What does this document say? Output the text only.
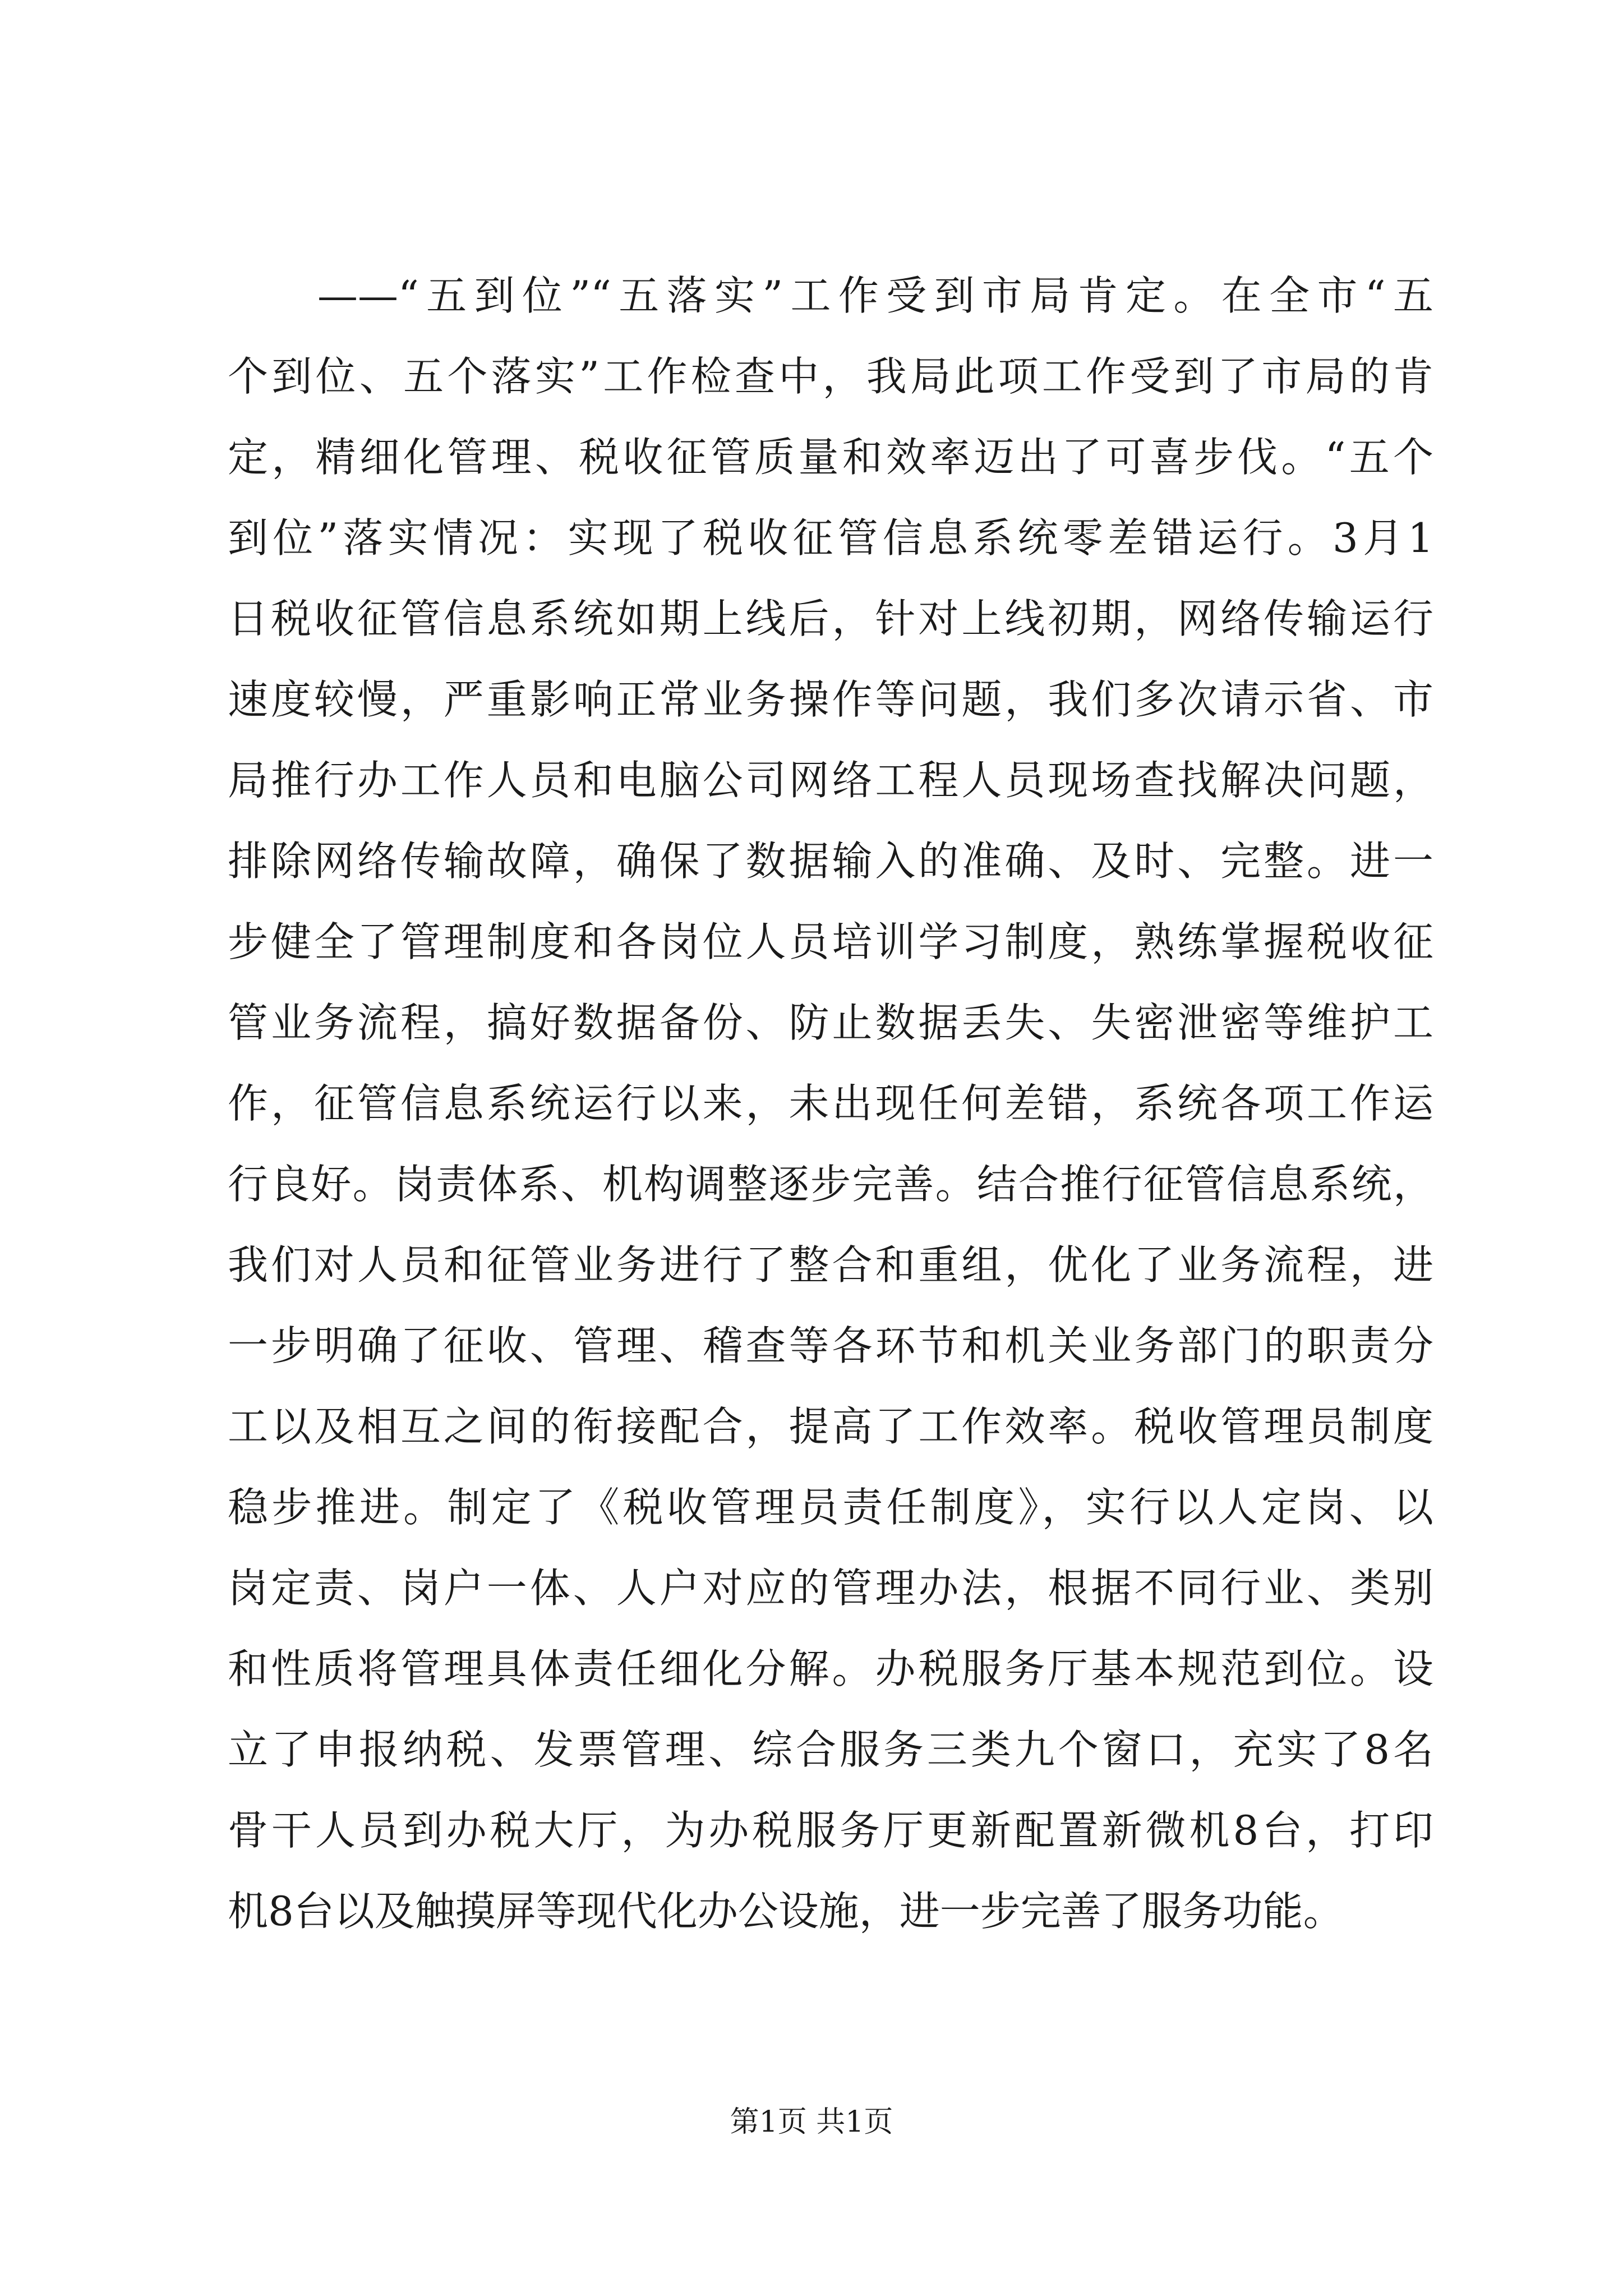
——“五到位”“五落实”工作受到市局肯定。在全市“五
个到位、五个落实”工作检查中，我局此项工作受到了市局的肯
定，精细化管理、税收征管质量和效率迈出了可喜步伐。“五个
到位”落实情况：实现了税收征管信息系统零差错运行。3月1
日税收征管信息系统如期上线后，针对上线初期，网络传输运行
速度较慢，严重影响正常业务操作等问题，我们多次请示省、市
局推行办工作人员和电脑公司网络工程人员现场查找解决问题，
排除网络传输故障，确保了数据输入的准确、及时、完整。进一
步健全了管理制度和各岗位人员培训学习制度，熟练掌握税收征
管业务流程，搞好数据备份、防止数据丢失、失密泄密等维护工
作，征管信息系统运行以来，未出现任何差错，系统各项工作运
行良好。岗责体系、机构调整逐步完善。结合推行征管信息系统，
我们对人员和征管业务进行了整合和重组，优化了业务流程，进
一步明确了征收、管理、稽查等各环节和机关业务部门的职责分
工以及相互之间的衔接配合，提高了工作效率。税收管理员制度
稳步推进。制定了《税收管理员责任制度》，实行以人定岗、以
岗定责、岗户一体、人户对应的管理办法，根据不同行业、类别
和性质将管理具体责任细化分解。办税服务厅基本规范到位。设
立了申报纳税、发票管理、综合服务三类九个窗口，充实了8名
骨干人员到办税大厅，为办税服务厅更新配置新微机8台，打印
机8台以及触摸屏等现代化办公设施，进一步完善了服务功能。
第1页 共1页
